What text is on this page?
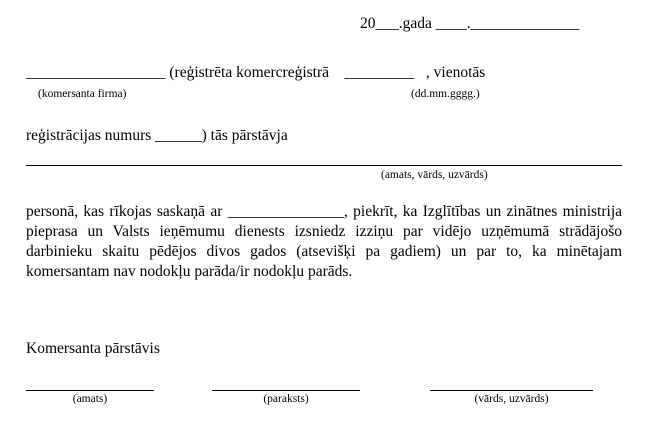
20___.gada ____.______________
__________________ (reģistrēta komercreģistrā _________ , vienotās
(komersanta firma)	(dd.mm.gggg.)
reģistrācijas numurs ______) tās pārstāvja
(amats, vārds, uzvārds)
personā, kas rīkojas saskaņā ar _______________, piekrīt, ka Izglītības un zinātnes ministrija pieprasa un Valsts ieņēmumu dienests izsniedz izziņu par vidējo uzņēmumā strādājošo darbinieku skaitu pēdējos divos gados (atsevišķi pa gadiem) un par to, ka minētajam komersantam nav nodokļu parāda/ir nodokļu parāds.
Komersanta pārstāvis
(amats)	(paraksts)	(vārds, uzvārds)
